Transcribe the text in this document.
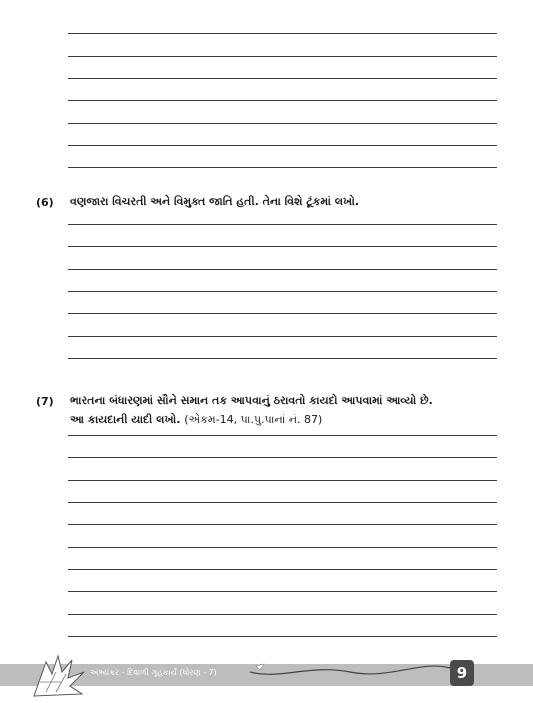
(6) વણજારા વિચરતી અને વિમુક્ત જાતિ હતી. તેના વિશે ટૂંકમાં લખો.
(7) ભારતના બંધારણમાં સૌને સમાન તક આપવાનું ઠરાવતો કાયદો આપવામાં આવ્યો છે.
આ કાયદાની યાદી લખો. (એકમ-14, પા.પુ.પાનાં નં. 87)
અભ્યંકર - દિવાળી ગૃહકાર્ય (ધોરણ - 7)	9
